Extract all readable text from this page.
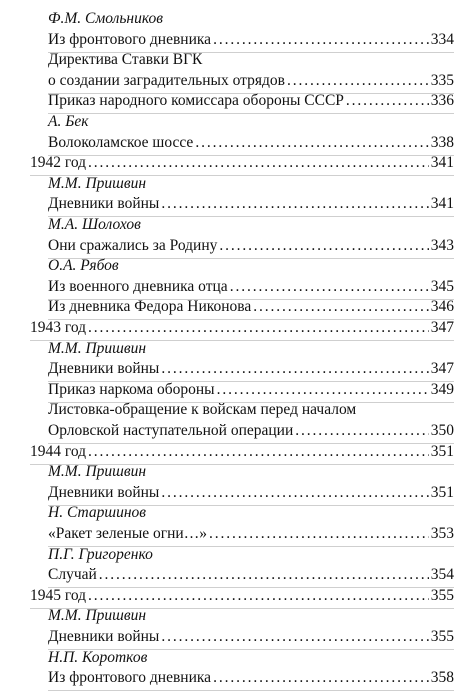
Ф.М. Смольников
Из фронтового дневника . . .	334
Директива Ставки ВГК
о создании заградительных отрядов . . .	335
Приказ народного комиссара обороны СССР . . .	336
А. Бек
Волоколамское шоссе . . .	338
1942 год . . .	341
М.М. Пришвин
Дневники войны . . .	341
М.А. Шолохов
Они сражались за Родину . . .	343
О.А. Рябов
Из военного дневника отца . . .	345
Из дневника Федора Никонова . . .	346
1943 год . . .	347
М.М. Пришвин
Дневники войны . . .	347
Приказ наркома обороны . . .	349
Листовка-обращение к войскам перед началом
Орловской наступательной операции . . .	350
1944 год . . .	351
М.М. Пришвин
Дневники войны . . .	351
Н. Старшинов
«Ракет зеленые огни…» . . .	353
П.Г. Григоренко
Случай . . .	354
1945 год . . .	355
М.М. Пришвин
Дневники войны . . .	355
Н.П. Коротков
Из фронтового дневника . . .	358
